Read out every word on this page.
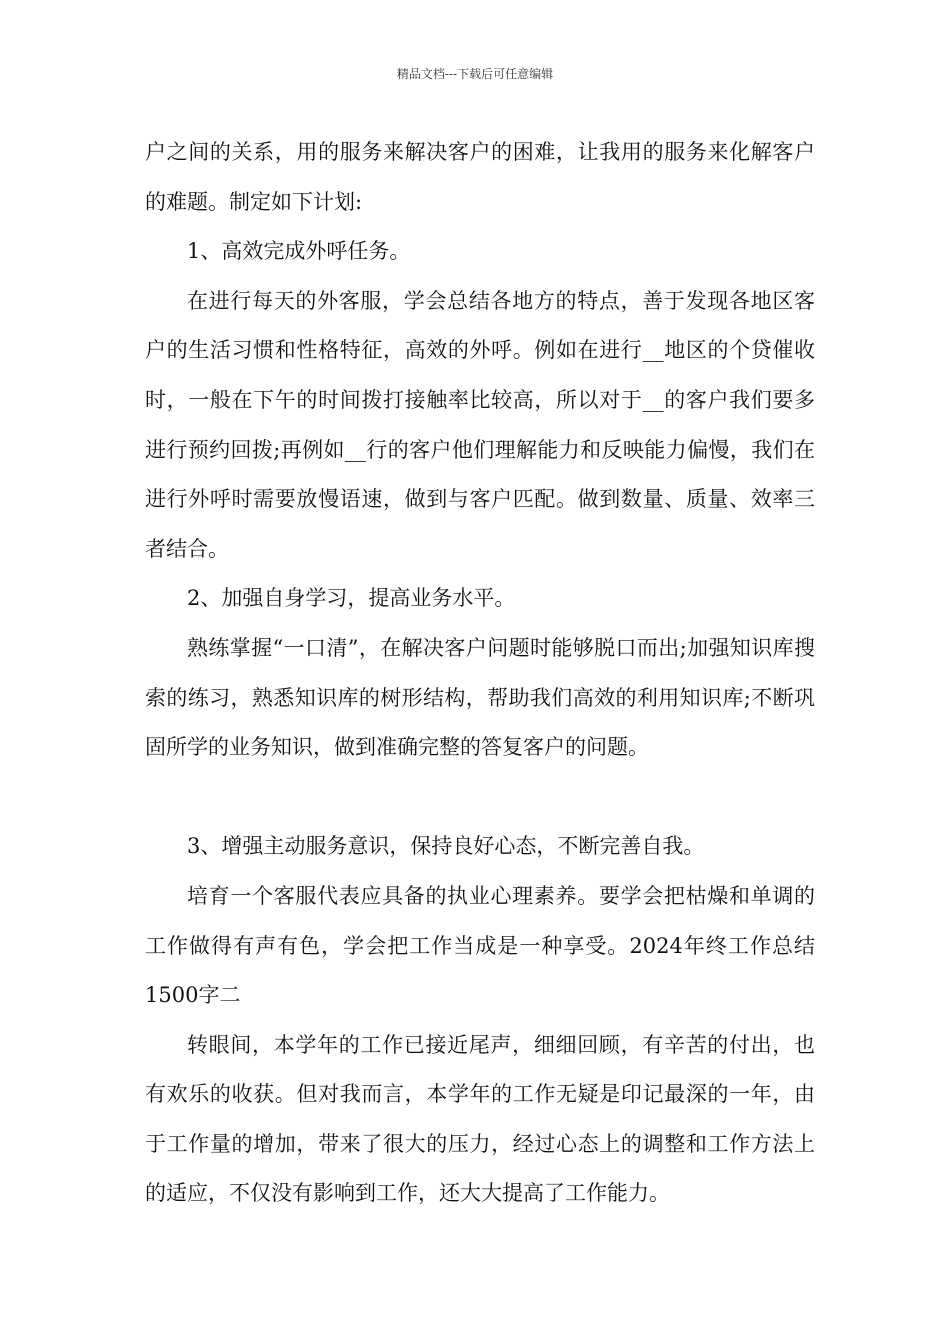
精品文档---下载后可任意编辑

户之间的关系，用的服务来解决客户的困难，让我用的服务来化解客户的难题。制定如下计划:

1、高效完成外呼任务。

在进行每天的外客服，学会总结各地方的特点，善于发现各地区客户的生活习惯和性格特征，高效的外呼。例如在进行__地区的个贷催收时，一般在下午的时间拨打接触率比较高，所以对于__的客户我们要多进行预约回拨;再例如__行的客户他们理解能力和反映能力偏慢，我们在进行外呼时需要放慢语速，做到与客户匹配。做到数量、质量、效率三者结合。

2、加强自身学习，提高业务水平。

熟练掌握“一口清”，在解决客户问题时能够脱口而出;加强知识库搜索的练习，熟悉知识库的树形结构，帮助我们高效的利用知识库;不断巩固所学的业务知识，做到准确完整的答复客户的问题。

3、增强主动服务意识，保持良好心态，不断完善自我。

培育一个客服代表应具备的执业心理素养。要学会把枯燥和单调的工作做得有声有色，学会把工作当成是一种享受。2024年终工作总结1500字二

转眼间，本学年的工作已接近尾声，细细回顾，有辛苦的付出，也有欢乐的收获。但对我而言，本学年的工作无疑是印记最深的一年，由于工作量的增加，带来了很大的压力，经过心态上的调整和工作方法上的适应，不仅没有影响到工作，还大大提高了工作能力。
